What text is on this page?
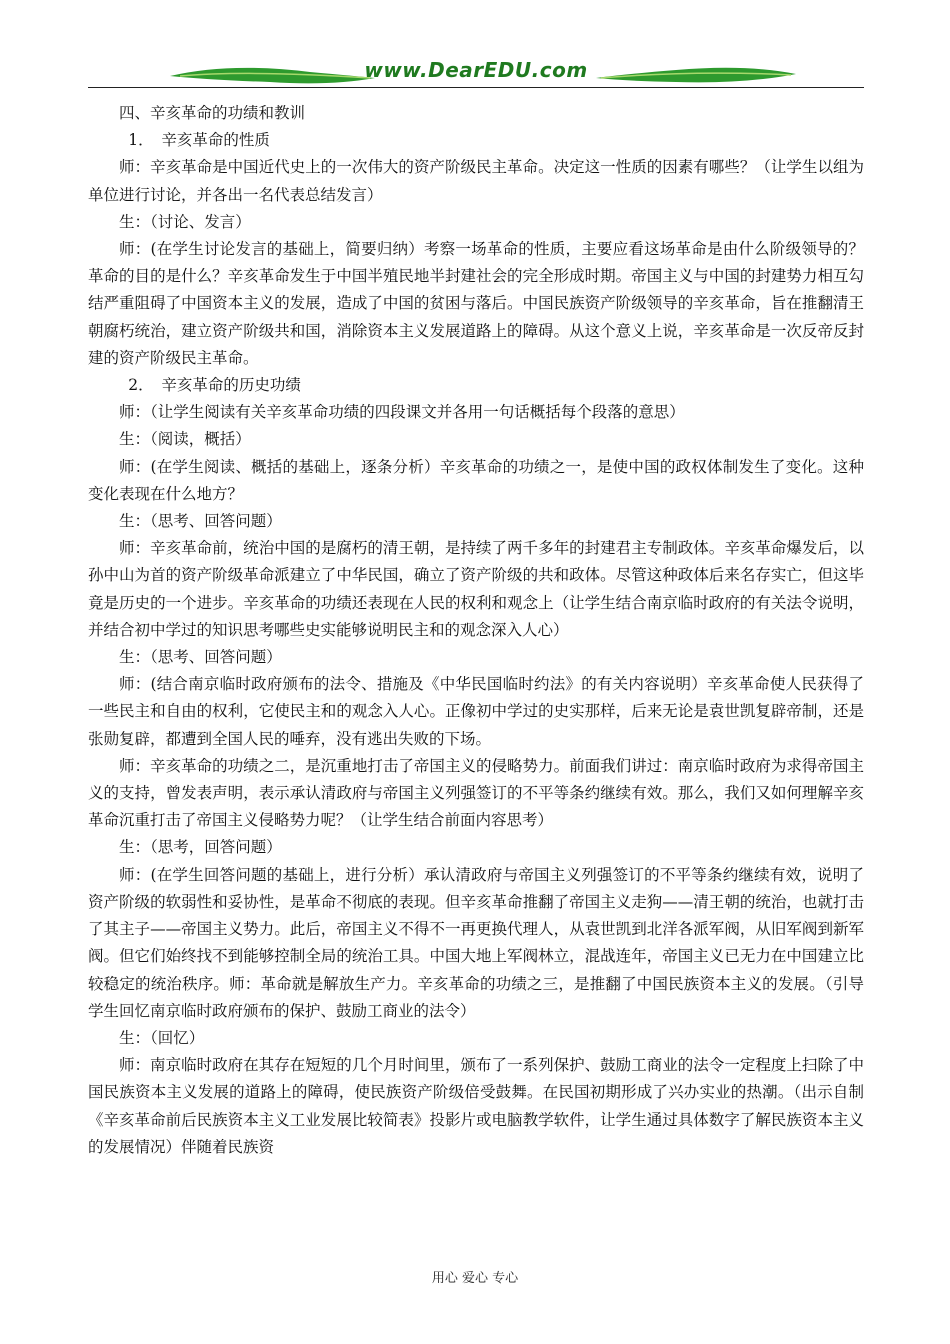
www.DearEDU.com

四、辛亥革命的功绩和教训

1．　辛亥革命的性质

师：辛亥革命是中国近代史上的一次伟大的资产阶级民主革命。决定这一性质的因素有哪些？（让学生以组为单位进行讨论，并各出一名代表总结发言）

生：（讨论、发言）

师：(在学生讨论发言的基础上，简要归纳）考察一场革命的性质，主要应看这场革命是由什么阶级领导的？革命的目的是什么？辛亥革命发生于中国半殖民地半封建社会的完全形成时期。帝国主义与中国的封建势力相互勾结严重阻碍了中国资本主义的发展，造成了中国的贫困与落后。中国民族资产阶级领导的辛亥革命，旨在推翻清王朝腐朽统治，建立资产阶级共和国，消除资本主义发展道路上的障碍。从这个意义上说，辛亥革命是一次反帝反封建的资产阶级民主革命。

2．　辛亥革命的历史功绩

师：（让学生阅读有关辛亥革命功绩的四段课文并各用一句话概括每个段落的意思）

生：（阅读，概括）

师：(在学生阅读、概括的基础上，逐条分析）辛亥革命的功绩之一，是使中国的政权体制发生了变化。这种变化表现在什么地方？

生：（思考、回答问题）

师：辛亥革命前，统治中国的是腐朽的清王朝，是持续了两千多年的封建君主专制政体。辛亥革命爆发后，以孙中山为首的资产阶级革命派建立了中华民国，确立了资产阶级的共和政体。尽管这种政体后来名存实亡，但这毕竟是历史的一个进步。辛亥革命的功绩还表现在人民的权利和观念上（让学生结合南京临时政府的有关法令说明，并结合初中学过的知识思考哪些史实能够说明民主和的观念深入人心）

生：（思考、回答问题）

师：(结合南京临时政府颁布的法令、措施及《中华民国临时约法》的有关内容说明）辛亥革命使人民获得了一些民主和自由的权利，它使民主和的观念入人心。正像初中学过的史实那样，后来无论是袁世凯复辟帝制，还是张勋复辟，都遭到全国人民的唾弃，没有逃出失败的下场。

师：辛亥革命的功绩之二，是沉重地打击了帝国主义的侵略势力。前面我们讲过：南京临时政府为求得帝国主义的支持，曾发表声明，表示承认清政府与帝国主义列强签订的不平等条约继续有效。那么，我们又如何理解辛亥革命沉重打击了帝国主义侵略势力呢？（让学生结合前面内容思考）

生：（思考，回答问题）

师：(在学生回答问题的基础上，进行分析）承认清政府与帝国主义列强签订的不平等条约继续有效，说明了资产阶级的软弱性和妥协性，是革命不彻底的表现。但辛亥革命推翻了帝国主义走狗——清王朝的统治，也就打击了其主子——帝国主义势力。此后，帝国主义不得不一再更换代理人，从袁世凯到北洋各派军阀，从旧军阀到新军阀。但它们始终找不到能够控制全局的统治工具。中国大地上军阀林立，混战连年，帝国主义已无力在中国建立比较稳定的统治秩序。师：革命就是解放生产力。辛亥革命的功绩之三，是推翻了中国民族资本主义的发展。（引导学生回忆南京临时政府颁布的保护、鼓励工商业的法令）

生：（回忆）

师：南京临时政府在其存在短短的几个月时间里，颁布了一系列保护、鼓励工商业的法令一定程度上扫除了中国民族资本主义发展的道路上的障碍，使民族资产阶级倍受鼓舞。在民国初期形成了兴办实业的热潮。（出示自制《辛亥革命前后民族资本主义工业发展比较简表》投影片或电脑教学软件，让学生通过具体数字了解民族资本主义的发展情况）伴随着民族资

用心 爱心 专心
